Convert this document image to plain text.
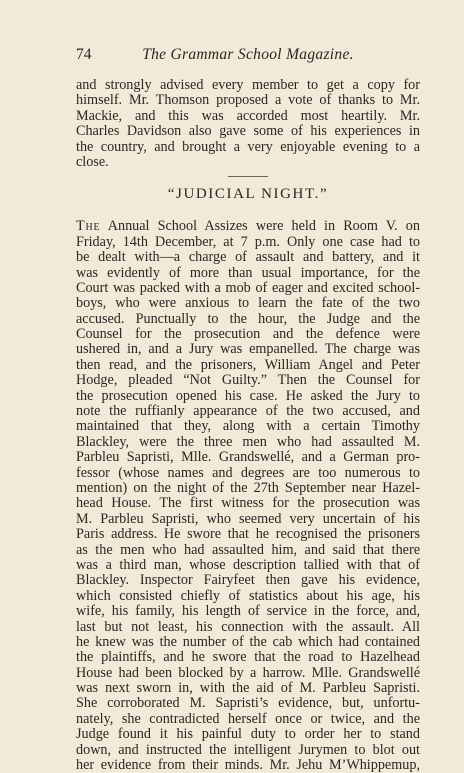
74	The Grammar School Magazine.
and strongly advised every member to get a copy for
himself. Mr. Thomson proposed a vote of thanks to Mr.
Mackie, and this was accorded most heartily. Mr.
Charles Davidson also gave some of his experiences in
the country, and brought a very enjoyable evening to a
close.
“JUDICIAL NIGHT.”
The Annual School Assizes were held in Room V. on
Friday, 14th December, at 7 p.m. Only one case had to
be dealt with—a charge of assault and battery, and it
was evidently of more than usual importance, for the
Court was packed with a mob of eager and excited school-
boys, who were anxious to learn the fate of the two
accused. Punctually to the hour, the Judge and the
Counsel for the prosecution and the defence were
ushered in, and a Jury was empanelled. The charge was
then read, and the prisoners, William Angel and Peter
Hodge, pleaded “Not Guilty.” Then the Counsel for
the prosecution opened his case. He asked the Jury to
note the ruffianly appearance of the two accused, and
maintained that they, along with a certain Timothy
Blackley, were the three men who had assaulted M.
Parbleu Sapristi, Mlle. Grandswellé, and a German pro-
fessor (whose names and degrees are too numerous to
mention) on the night of the 27th September near Hazel-
head House. The first witness for the prosecution was
M. Parbleu Sapristi, who seemed very uncertain of his
Paris address. He swore that he recognised the prisoners
as the men who had assaulted him, and said that there
was a third man, whose description tallied with that of
Blackley. Inspector Fairyfeet then gave his evidence,
which consisted chiefly of statistics about his age, his
wife, his family, his length of service in the force, and,
last but not least, his connection with the assault. All
he knew was the number of the cab which had contained
the plaintiffs, and he swore that the road to Hazelhead
House had been blocked by a harrow. Mlle. Grandswellé
was next sworn in, with the aid of M. Parbleu Sapristi.
She corroborated M. Sapristi’s evidence, but, unfortu-
nately, she contradicted herself once or twice, and the
Judge found it his painful duty to order her to stand
down, and instructed the intelligent Jurymen to blot out
her evidence from their minds. Mr. Jehu M’Whippemup,
